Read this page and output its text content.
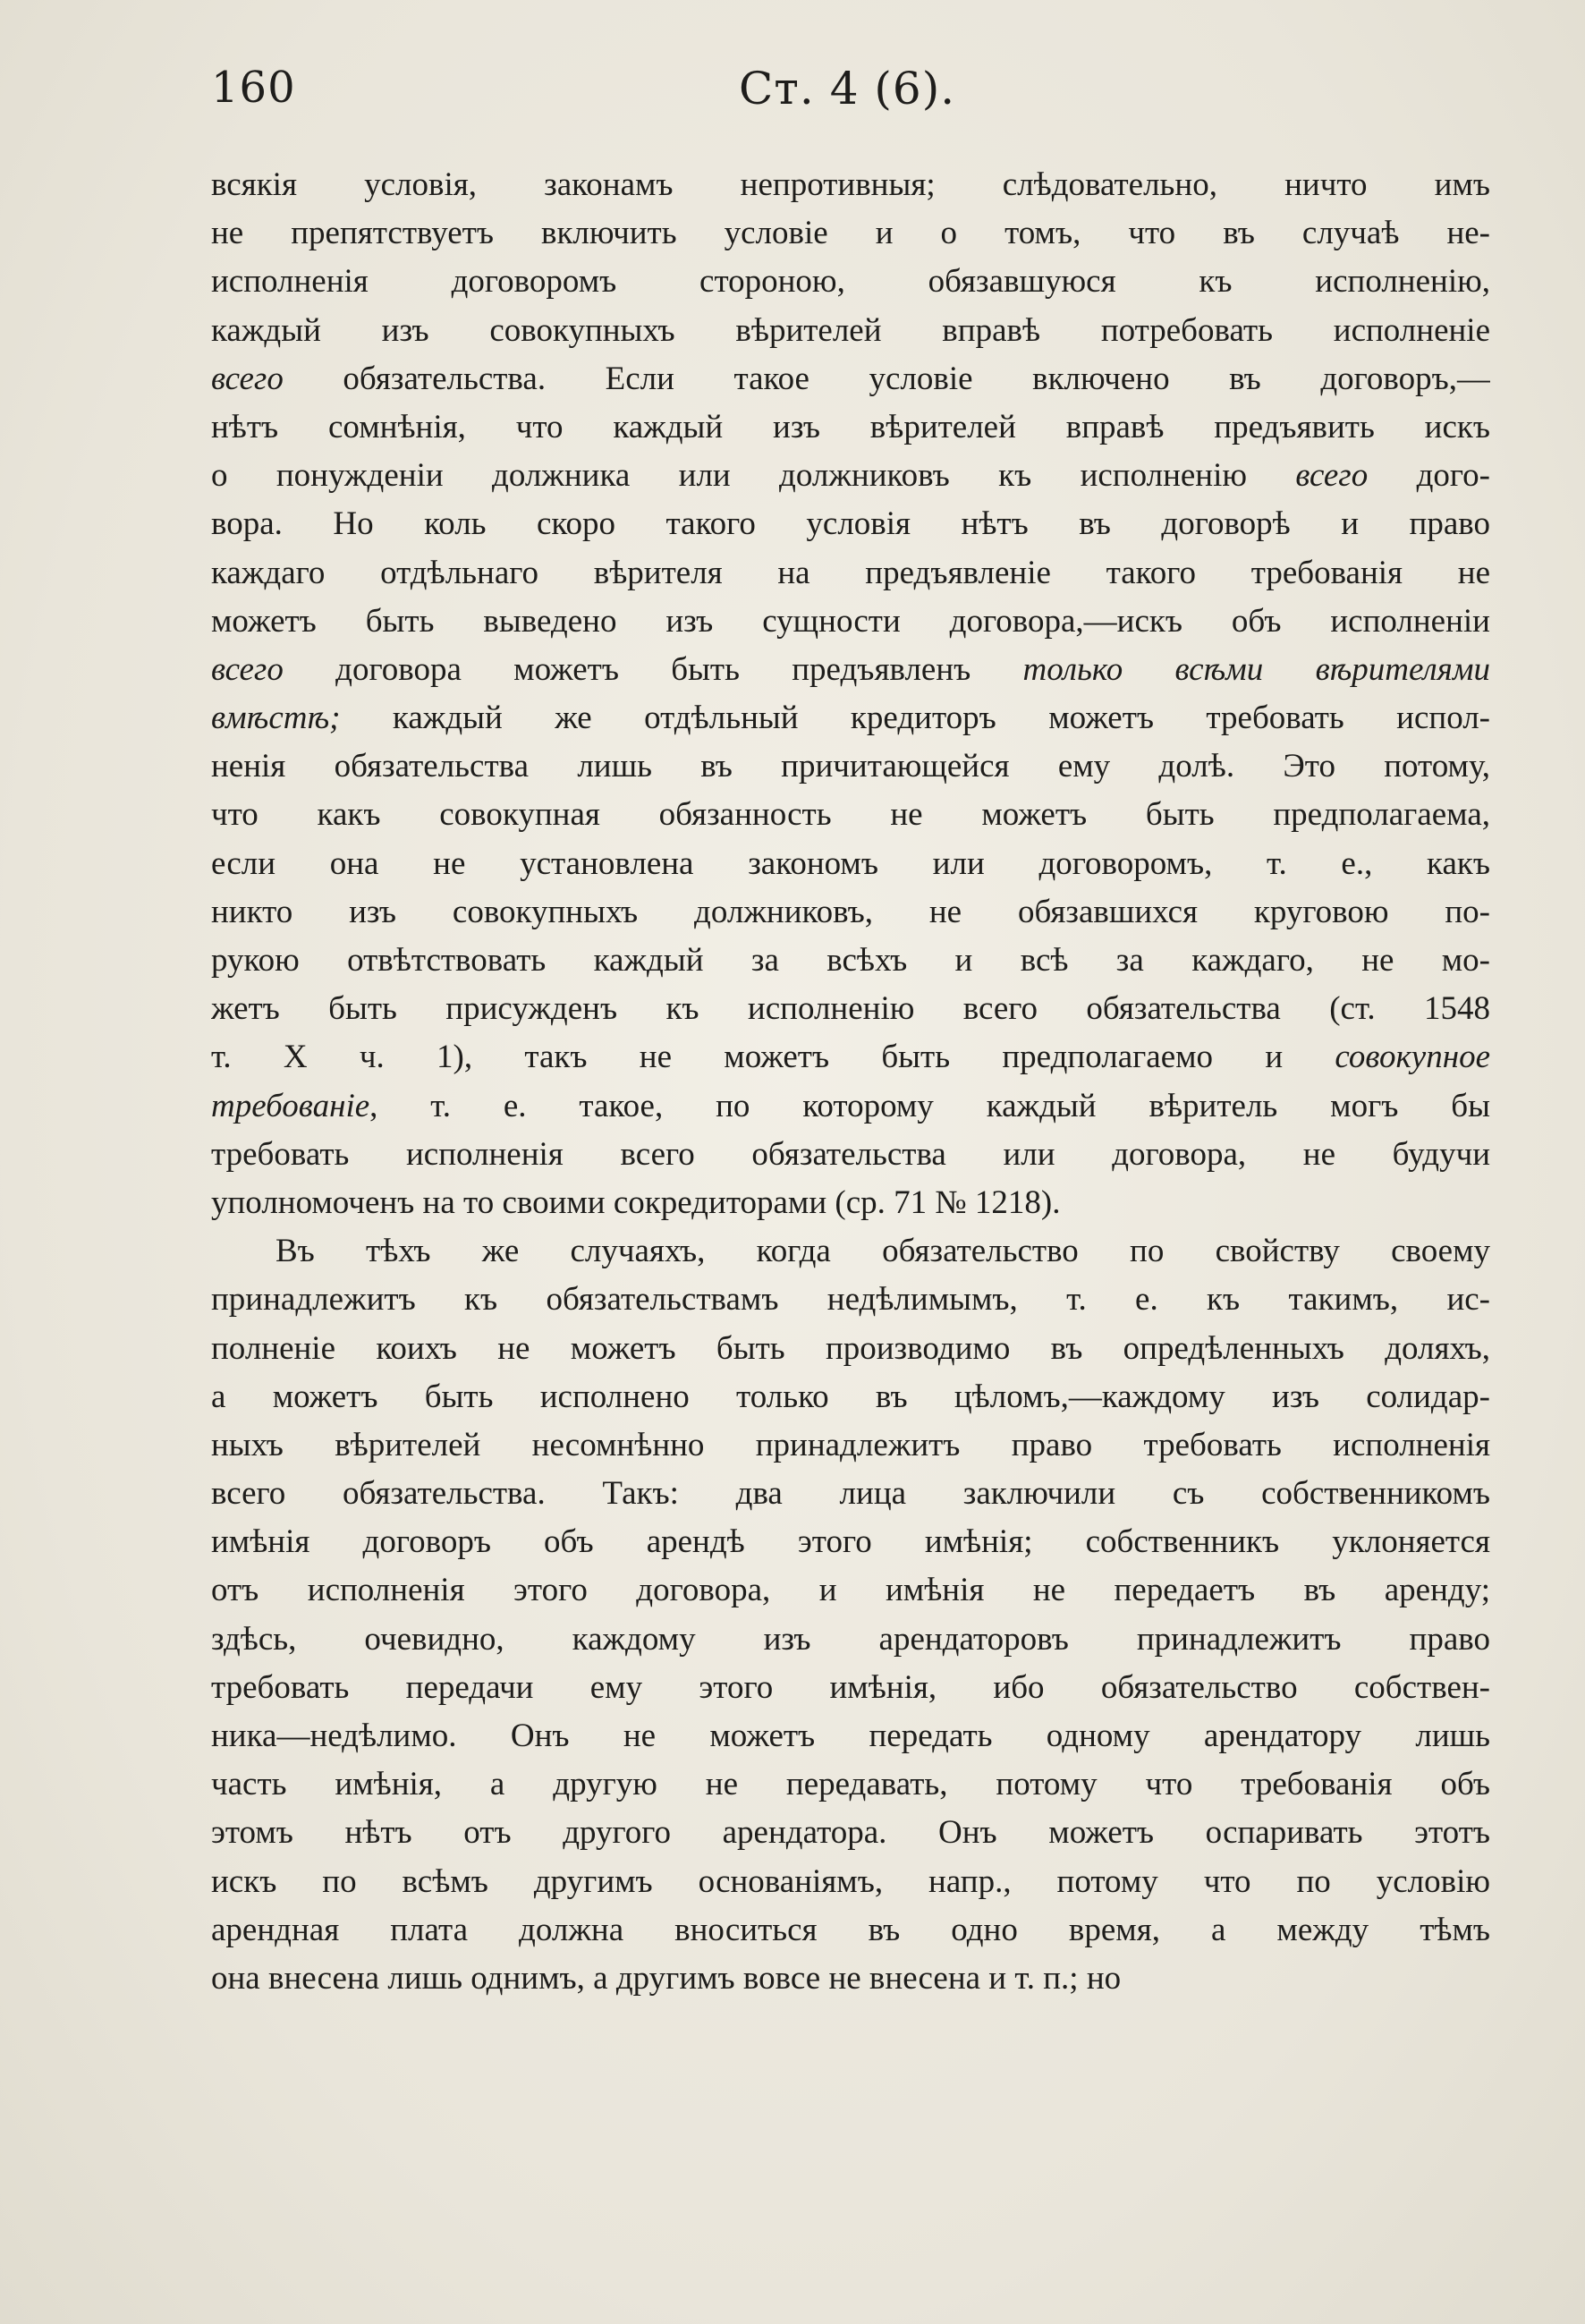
160	Ст. 4 (6).
всякія условія, законамъ непротивныя; слѣдовательно, ничто имъ
не препятствуетъ включить условіе и о томъ, что въ случаѣ не-
исполненія договоромъ стороною, обязавшуюся къ исполненію,
каждый изъ совокупныхъ вѣрителей вправѣ потребовать исполненіе
всего обязательства. Если такое условіе включено въ договоръ,—
нѣтъ сомнѣнія, что каждый изъ вѣрителей вправѣ предъявить искъ
о понужденіи должника или должниковъ къ исполненію всего дого-
вора. Но коль скоро такого условія нѣтъ въ договорѣ и право
каждаго отдѣльнаго вѣрителя на предъявленіе такого требованія не
можетъ быть выведено изъ сущности договора,—искъ объ исполненіи
всего договора можетъ быть предъявленъ только всѣми вѣрителями
вмѣстѣ; каждый же отдѣльный кредиторъ можетъ требовать испол-
ненія обязательства лишь въ причитающейся ему долѣ. Это потому,
что какъ совокупная обязанность не можетъ быть предполагаема,
если она не установлена закономъ или договоромъ, т. е., какъ
никто изъ совокупныхъ должниковъ, не обязавшихся круговою по-
рукою отвѣтствовать каждый за всѣхъ и всѣ за каждаго, не мо-
жетъ быть присужденъ къ исполненію всего обязательства (ст. 1548
т. X ч. 1), такъ не можетъ быть предполагаемо и совокупное
требованіе, т. е. такое, по которому каждый вѣритель могъ бы
требовать исполненія всего обязательства или договора, не будучи
уполномоченъ на то своими сокредиторами (ср. 71 № 1218).
Въ тѣхъ же случаяхъ, когда обязательство по свойству своему
принадлежитъ къ обязательствамъ недѣлимымъ, т. е. къ такимъ, ис-
полненіе коихъ не можетъ быть производимо въ опредѣленныхъ доляхъ,
а можетъ быть исполнено только въ цѣломъ,—каждому изъ солидар-
ныхъ вѣрителей несомнѣнно принадлежитъ право требовать исполненія
всего обязательства. Такъ: два лица заключили съ собственникомъ
имѣнія договоръ объ арендѣ этого имѣнія; собственникъ уклоняется
отъ исполненія этого договора, и имѣнія не передаетъ въ аренду;
здѣсь, очевидно, каждому изъ арендаторовъ принадлежитъ право
требовать передачи ему этого имѣнія, ибо обязательство собствен-
ника—недѣлимо. Онъ не можетъ передать одному арендатору лишь
часть имѣнія, а другую не передавать, потому что требованія объ
этомъ нѣтъ отъ другого арендатора. Онъ можетъ оспаривать этотъ
искъ по всѣмъ другимъ основаніямъ, напр., потому что по условію
арендная плата должна вноситься въ одно время, а между тѣмъ
она внесена лишь однимъ, а другимъ вовсе не внесена и т. п.; но
